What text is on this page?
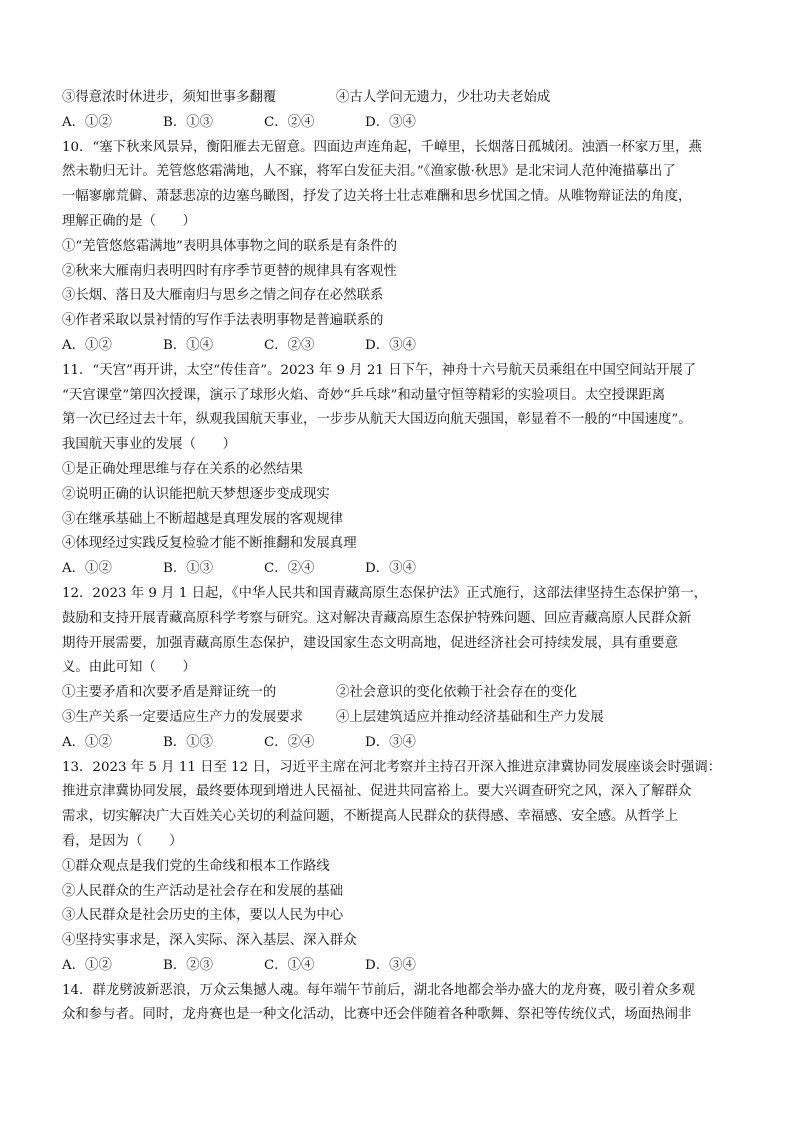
③得意浓时休进步，须知世事多翻覆	④古人学问无遗力，少壮功夫老始成
A．①②	B．①③	C．②④	D．③④
10．“塞下秋来风景异，衡阳雁去无留意。四面边声连角起，千嶂里，长烟落日孤城闭。浊酒一杯家万里，燕
然未勒归无计。羌管悠悠霜满地，人不寐，将军白发征夫泪。”《渔家傲·秋思》是北宋词人范仲淹描摹出了
一幅寥廓荒僻、萧瑟悲凉的边塞鸟瞰图，抒发了边关将士壮志难酬和思乡忧国之情。从唯物辩证法的角度，
理解正确的是（　　）
①“羌管悠悠霜满地”表明具体事物之间的联系是有条件的
②秋来大雁南归表明四时有序季节更替的规律具有客观性
③长烟、落日及大雁南归与思乡之情之间存在必然联系
④作者采取以景衬情的写作手法表明事物是普遍联系的
A．①②	B．①④	C．②③	D．③④
11．“天宫”再开讲，太空“传佳音”。2023 年 9 月 21 日下午，神舟十六号航天员乘组在中国空间站开展了
“天宫课堂”第四次授课，演示了球形火焰、奇妙“乒乓球”和动量守恒等精彩的实验项目。太空授课距离
第一次已经过去十年，纵观我国航天事业，一步步从航天大国迈向航天强国，彰显着不一般的“中国速度”。
我国航天事业的发展（　　）
①是正确处理思维与存在关系的必然结果
②说明正确的认识能把航天梦想逐步变成现实
③在继承基础上不断超越是真理发展的客观规律
④体现经过实践反复检验才能不断推翻和发展真理
A．①②	B．①③	C．②④	D．③④
12．2023 年 9 月 1 日起，《中华人民共和国青藏高原生态保护法》正式施行，这部法律坚持生态保护第一，
鼓励和支持开展青藏高原科学考察与研究。这对解决青藏高原生态保护特殊问题、回应青藏高原人民群众新
期待开展需要，加强青藏高原生态保护，建设国家生态文明高地，促进经济社会可持续发展，具有重要意
义。由此可知（　　）
①主要矛盾和次要矛盾是辩证统一的	②社会意识的变化依赖于社会存在的变化
③生产关系一定要适应生产力的发展要求	④上层建筑适应并推动经济基础和生产力发展
A．①②	B．①③	C．②④	D．③④
13．2023 年 5 月 11 日至 12 日，习近平主席在河北考察并主持召开深入推进京津冀协同发展座谈会时强调：
推进京津冀协同发展，最终要体现到增进人民福祉、促进共同富裕上。要大兴调查研究之风，深入了解群众
需求，切实解决广大百姓关心关切的利益问题，不断提高人民群众的获得感、幸福感、安全感。从哲学上
看，是因为（　　）
①群众观点是我们党的生命线和根本工作路线
②人民群众的生产活动是社会存在和发展的基础
③人民群众是社会历史的主体，要以人民为中心
④坚持实事求是，深入实际、深入基层、深入群众
A．①②	B．②③	C．①④	D．③④
14．群龙劈波新恶浪，万众云集撼人魂。每年端午节前后，湖北各地都会举办盛大的龙舟赛，吸引着众多观
众和参与者。同时，龙舟赛也是一种文化活动，比赛中还会伴随着各种歌舞、祭祀等传统仪式，场面热闹非
